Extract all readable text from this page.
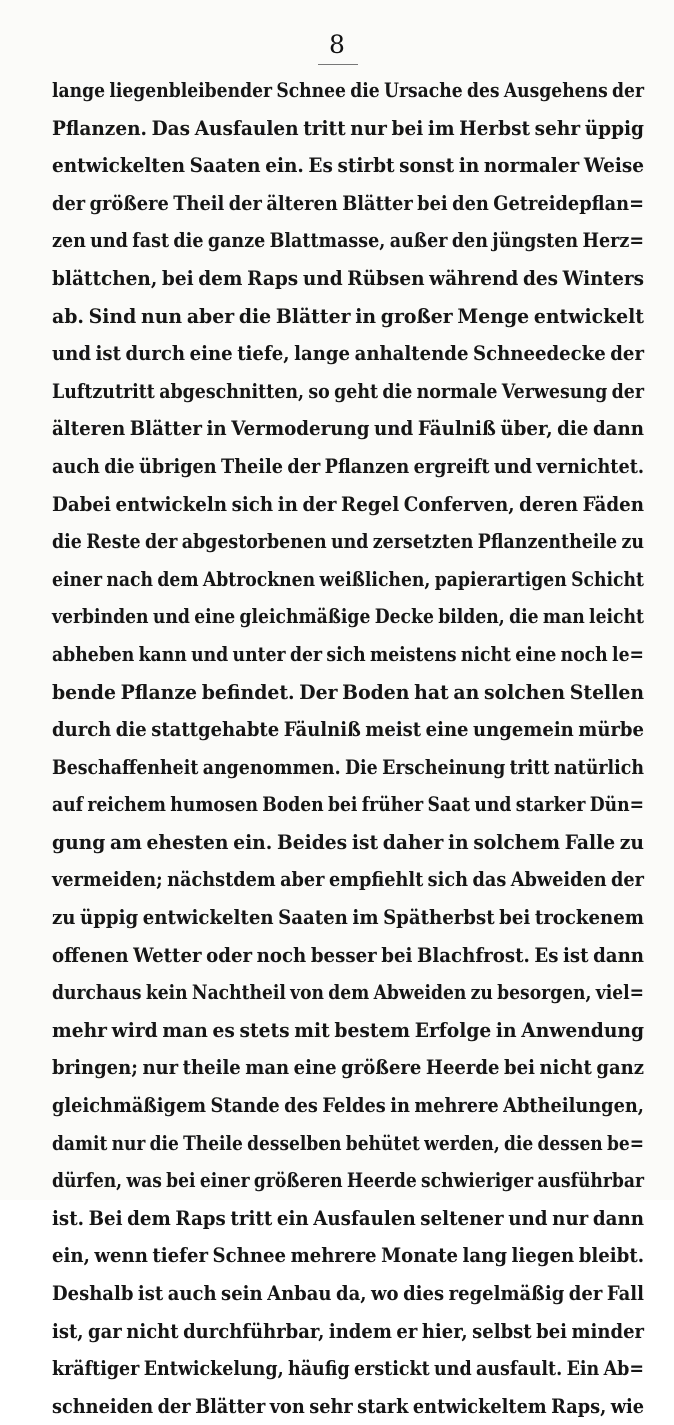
8
lange liegenbleibender Schnee die Ursache des Ausgehens der
Pflanzen. Das Ausfaulen tritt nur bei im Herbst sehr üppig
entwickelten Saaten ein. Es stirbt sonst in normaler Weise
der größere Theil der älteren Blätter bei den Getreidepflan=
zen und fast die ganze Blattmasse, außer den jüngsten Herz=
blättchen, bei dem Raps und Rübsen während des Winters
ab. Sind nun aber die Blätter in großer Menge entwickelt
und ist durch eine tiefe, lange anhaltende Schneedecke der
Luftzutritt abgeschnitten, so geht die normale Verwesung der
älteren Blätter in Vermoderung und Fäulniß über, die dann
auch die übrigen Theile der Pflanzen ergreift und vernichtet.
Dabei entwickeln sich in der Regel Conferven, deren Fäden
die Reste der abgestorbenen und zersetzten Pflanzentheile zu
einer nach dem Abtrocknen weißlichen, papierartigen Schicht
verbinden und eine gleichmäßige Decke bilden, die man leicht
abheben kann und unter der sich meistens nicht eine noch le=
bende Pflanze befindet. Der Boden hat an solchen Stellen
durch die stattgehabte Fäulniß meist eine ungemein mürbe
Beschaffenheit angenommen. Die Erscheinung tritt natürlich
auf reichem humosen Boden bei früher Saat und starker Dün=
gung am ehesten ein. Beides ist daher in solchem Falle zu
vermeiden; nächstdem aber empfiehlt sich das Abweiden der
zu üppig entwickelten Saaten im Spätherbst bei trockenem
offenen Wetter oder noch besser bei Blachfrost. Es ist dann
durchaus kein Nachtheil von dem Abweiden zu besorgen, viel=
mehr wird man es stets mit bestem Erfolge in Anwendung
bringen; nur theile man eine größere Heerde bei nicht ganz
gleichmäßigem Stande des Feldes in mehrere Abtheilungen,
damit nur die Theile desselben behütet werden, die dessen be=
dürfen, was bei einer größeren Heerde schwieriger ausführbar
ist. Bei dem Raps tritt ein Ausfaulen seltener und nur dann
ein, wenn tiefer Schnee mehrere Monate lang liegen bleibt.
Deshalb ist auch sein Anbau da, wo dies regelmäßig der Fall
ist, gar nicht durchführbar, indem er hier, selbst bei minder
kräftiger Entwickelung, häufig erstickt und ausfault. Ein Ab=
schneiden der Blätter von sehr stark entwickeltem Raps, wie
